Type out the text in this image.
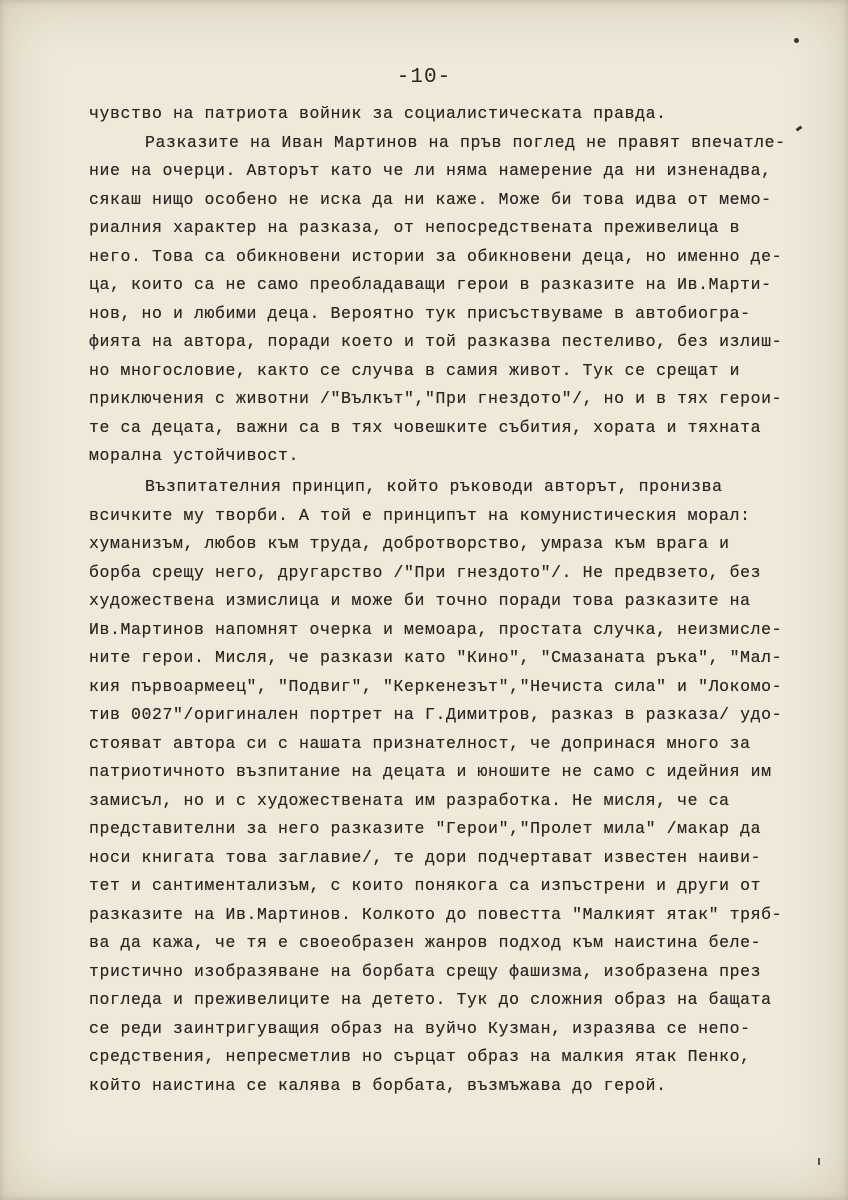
-10-
чувство на патриота войник за социалистическата правда.
Разказите на Иван Мартинов на пръв поглед не правят впечатле-
ние на очерци. Авторът като че ли няма намерение да ни изненадва,
сякаш нищо особено не иска да ни каже. Може би това идва от мемо-
риалния характер на разказа, от непосредствената преживелица в
него. Това са обикновени истории за обикновени деца, но именно де-
ца, които са не само преобладаващи герои в разказите на Ив.Марти-
нов, но и любими деца. Вероятно тук присъствуваме в автобиогра-
фията на автора, поради което и той разказва пестеливо, без излиш-
но многословие, както се случва в самия живот. Тук се срещат и
приключения с животни /"Вълкът","При гнездото"/, но и в тях герои-
те са децата, важни са в тях човешките събития, хората и тяхната
морална устойчивост.
Възпитателния принцип, който ръководи авторът, пронизва
всичките му творби. А той е принципът на комунистическия морал:
хуманизъм, любов към труда, добротворство, умраза към врага и
борба срещу него, другарство /"При гнездото"/. Не предвзето, без
художествена измислица и може би точно поради това разказите на
Ив.Мартинов напомнят очерка и мемоара, простата случка, неизмисле-
ните герои. Мисля, че разкази като "Кино", "Смазаната ръка", "Мал-
кия първоармеец", "Подвиг", "Керкенезът","Нечиста сила" и "Локомо-
тив 0027"/оригинален портрет на Г.Димитров, разказ в разказа/ удо-
стояват автора си с нашата признателност, че допринася много за
патриотичното възпитание на децата и юношите не само с идейния им
замисъл, но и с художествената им разработка. Не мисля, че са
представителни за него разказите "Герои","Пролет мила" /макар да
носи книгата това заглавие/, те дори подчертават известен наиви-
тет и сантиментализъм, с които понякога са изпъстрени и други от
разказите на Ив.Мартинов. Колкото до повестта "Малкият ятак" тряб-
ва да кажа, че тя е своеобразен жанров подход към наистина беле-
тристично изобразяване на борбата срещу фашизма, изобразена през
погледа и преживелиците на детето. Тук до сложния образ на бащата
се реди заинтригуващия образ на вуйчо Кузман, изразява се непо-
средствения, непресметлив но сърцат образ на малкия ятак Пенко,
който наистина се калява в борбата, възмъжава до герой.
